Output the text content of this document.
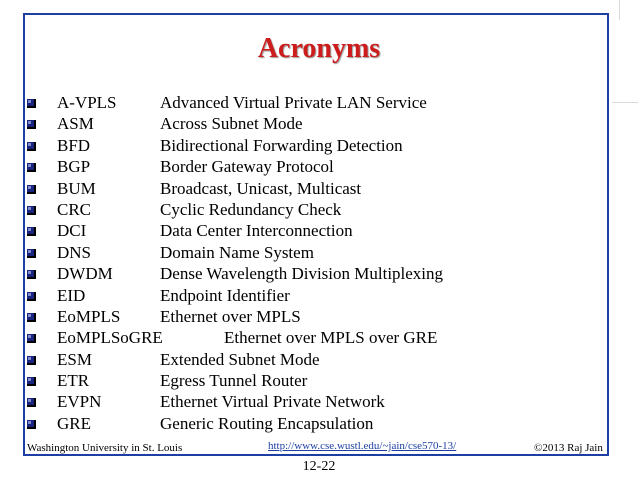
Acronyms
A-VPLS	Advanced Virtual Private LAN Service
ASM	Across Subnet Mode
BFD	Bidirectional Forwarding Detection
BGP	Border Gateway Protocol
BUM	Broadcast, Unicast, Multicast
CRC	Cyclic Redundancy Check
DCI	Data Center Interconnection
DNS	Domain Name System
DWDM	Dense Wavelength Division Multiplexing
EID	Endpoint Identifier
EoMPLS Ethernet over MPLS
EoMPLSoGRE	Ethernet over MPLS over GRE
ESM	Extended Subnet Mode
ETR	Egress Tunnel Router
EVPN	Ethernet Virtual Private Network
GRE	Generic Routing Encapsulation
Washington University in St. Louis	http://www.cse.wustl.edu/~jain/cse570-13/	©2013 Raj Jain
12-22
